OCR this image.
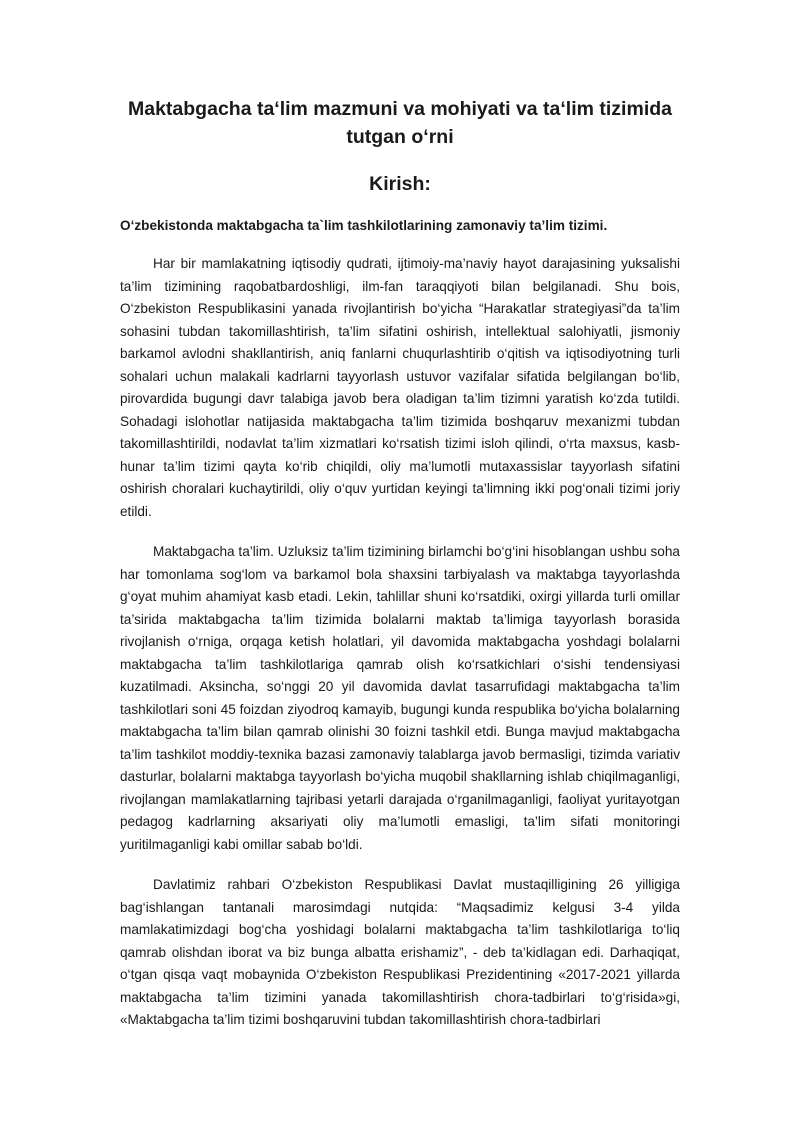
Maktabgacha ta‘lim mazmuni va mohiyati va ta‘lim tizimida tutgan o‘rni
Kirish:

O‘zbekistonda maktabgacha ta`lim tashkilotlarining zamonaviy ta’lim tizimi.

Har bir mamlakatning iqtisodiy qudrati, ijtimoiy-ma’naviy hayot darajasining yuksalishi ta’lim tizimining raqobatbardoshligi, ilm-fan taraqqiyoti bilan belgilanadi. Shu bois, O‘zbekiston Respublikasini yanada rivojlantirish bo‘yicha “Harakatlar strategiyasi”da ta’lim sohasini tubdan takomillashtirish, ta’lim sifatini oshirish, intellektual salohiyatli, jismoniy barkamol avlodni shakllantirish, aniq fanlarni chuqurlashtirib o‘qitish va iqtisodiyotning turli sohalari uchun malakali kadrlarni tayyorlash ustuvor vazifalar sifatida belgilangan bo‘lib, pirovardida bugungi davr talabiga javob bera oladigan ta’lim tizimni yaratish ko‘zda tutildi. Sohadagi islohotlar natijasida maktabgacha ta’lim tizimida boshqaruv mexanizmi tubdan takomillashtirildi, nodavlat ta’lim xizmatlari ko‘rsatish tizimi isloh qilindi, o‘rta maxsus, kasb-hunar ta’lim tizimi qayta ko‘rib chiqildi, oliy ma’lumotli mutaxassislar tayyorlash sifatini oshirish choralari kuchaytirildi, oliy o‘quv yurtidan keyingi ta’limning ikki pog‘onali tizimi joriy etildi.

Maktabgacha ta’lim. Uzluksiz ta’lim tizimining birlamchi bo‘g‘ini hisoblangan ushbu soha har tomonlama sog‘lom va barkamol bola shaxsini tarbiyalash va maktabga tayyorlashda g‘oyat muhim ahamiyat kasb etadi. Lekin, tahlillar shuni ko‘rsatdiki, oxirgi yillarda turli omillar ta’sirida maktabgacha ta’lim tizimida bolalarni maktab ta’limiga tayyorlash borasida rivojlanish o‘rniga, orqaga ketish holatlari, yil davomida maktabgacha yoshdagi bolalarni maktabgacha ta’lim tashkilotlariga qamrab olish ko‘rsatkichlari o‘sishi tendensiyasi kuzatilmadi. Aksincha, so‘nggi 20 yil davomida davlat tasarrufidagi maktabgacha ta’lim tashkilotlari soni 45 foizdan ziyodroq kamayib, bugungi kunda respublika bo‘yicha bolalarning maktabgacha ta’lim bilan qamrab olinishi 30 foizni tashkil etdi. Bunga mavjud maktabgacha ta’lim tashkilot moddiy-texnika bazasi zamonaviy talablarga javob bermasligi, tizimda variativ dasturlar, bolalarni maktabga tayyorlash bo‘yicha muqobil shakllarning ishlab chiqilmaganligi, rivojlangan mamlakatlarning tajribasi yetarli darajada o‘rganilmaganligi, faoliyat yuritayotgan pedagog kadrlarning aksariyati oliy ma’lumotli emasligi, ta’lim sifati monitoringi yuritilmaganligi kabi omillar sabab bo‘ldi.

Davlatimiz rahbari O‘zbekiston Respublikasi Davlat mustaqilligining 26 yilligiga bag‘ishlangan tantanali marosimdagi nutqida: “Maqsadimiz kelgusi 3-4 yilda mamlakatimizdagi bog‘cha yoshidagi bolalarni maktabgacha ta’lim tashkilotlariga to‘liq qamrab olishdan iborat va biz bunga albatta erishamiz”, - deb ta’kidlagan edi. Darhaqiqat, o‘tgan qisqa vaqt mobaynida O‘zbekiston Respublikasi Prezidentining «2017-2021 yillarda maktabgacha ta’lim tizimini yanada takomillashtirish chora-tadbirlari to‘g‘risida»gi, «Maktabgacha ta’lim tizimi boshqaruvini tubdan takomillashtirish chora-tadbirlari
